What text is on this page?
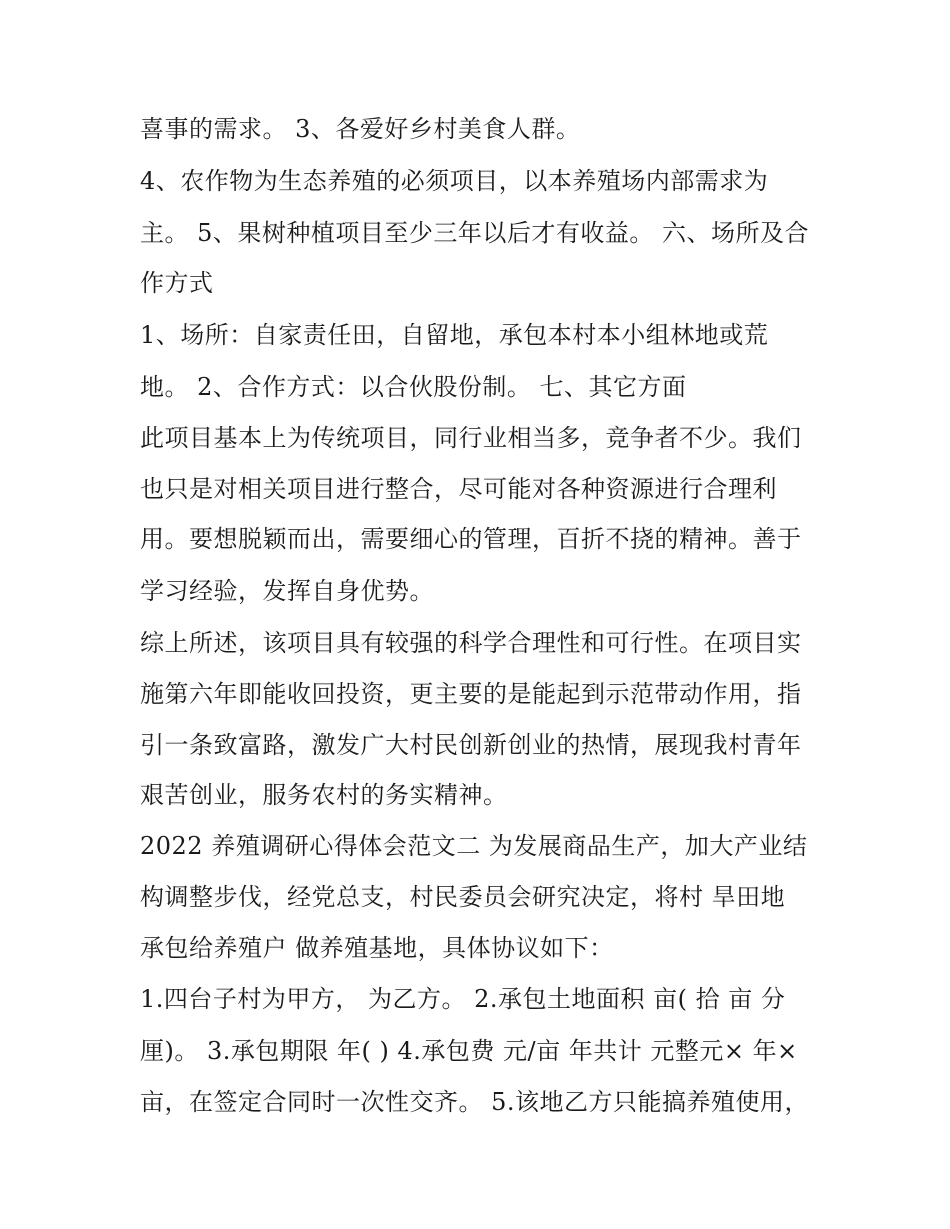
喜事的需求。 3、各爱好乡村美食人群。
4、农作物为生态养殖的必须项目，以本养殖场内部需求为
主。 5、果树种植项目至少三年以后才有收益。 六、场所及合
作方式
1、场所：自家责任田，自留地，承包本村本小组林地或荒
地。 2、合作方式：以合伙股份制。 七、其它方面
此项目基本上为传统项目，同行业相当多，竞争者不少。我们
也只是对相关项目进行整合，尽可能对各种资源进行合理利
用。要想脱颖而出，需要细心的管理，百折不挠的精神。善于
学习经验，发挥自身优势。
综上所述，该项目具有较强的科学合理性和可行性。在项目实
施第六年即能收回投资，更主要的是能起到示范带动作用，指
引一条致富路，激发广大村民创新创业的热情，展现我村青年
艰苦创业，服务农村的务实精神。
2022 养殖调研心得体会范文二 为发展商品生产，加大产业结
构调整步伐，经党总支，村民委员会研究决定，将村 旱田地
承包给养殖户 做养殖基地，具体协议如下：
1.四台子村为甲方， 为乙方。 2.承包土地面积 亩( 拾 亩 分
厘)。 3.承包期限 年( ) 4.承包费 元/亩 年共计 元整元× 年×
亩，在签定合同时一次性交齐。 5.该地乙方只能搞养殖使用，
